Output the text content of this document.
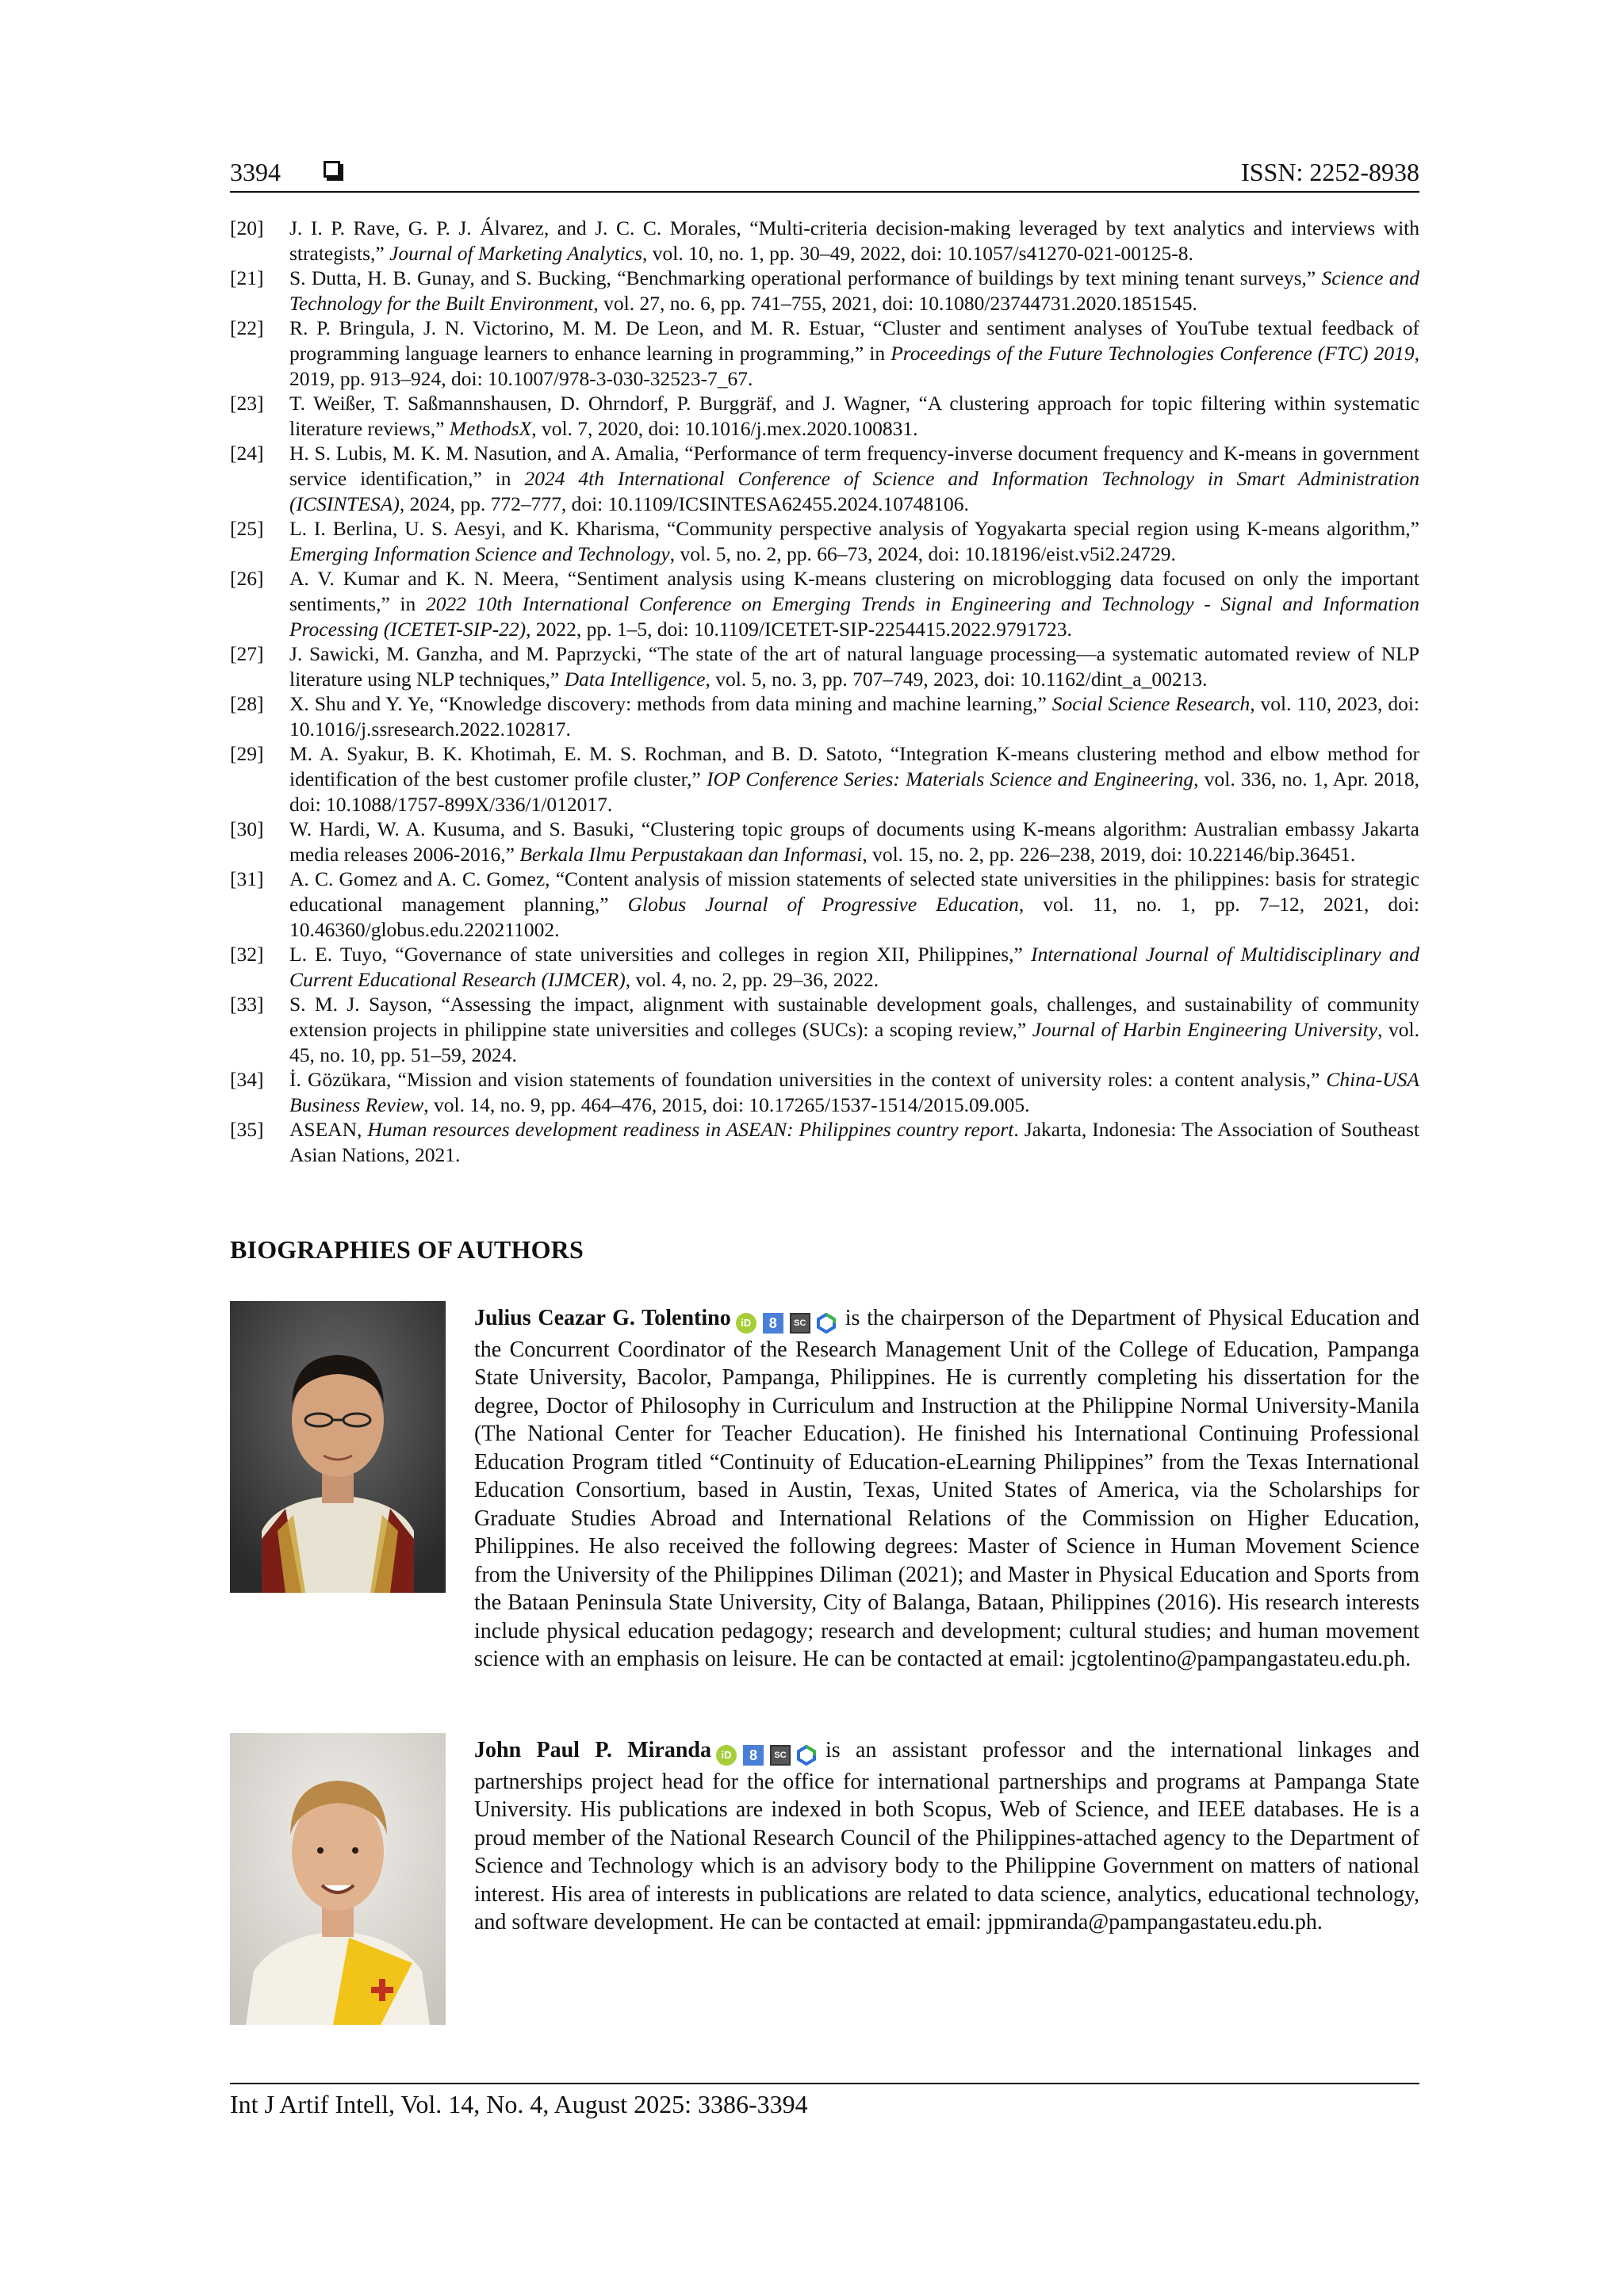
3394	ISSN: 2252-8938
[20] J. I. P. Rave, G. P. J. Álvarez, and J. C. C. Morales, “Multi-criteria decision-making leveraged by text analytics and interviews with strategists,” Journal of Marketing Analytics, vol. 10, no. 1, pp. 30–49, 2022, doi: 10.1057/s41270-021-00125-8.
[21] S. Dutta, H. B. Gunay, and S. Bucking, “Benchmarking operational performance of buildings by text mining tenant surveys,” Science and Technology for the Built Environment, vol. 27, no. 6, pp. 741–755, 2021, doi: 10.1080/23744731.2020.1851545.
[22] R. P. Bringula, J. N. Victorino, M. M. De Leon, and M. R. Estuar, “Cluster and sentiment analyses of YouTube textual feedback of programming language learners to enhance learning in programming,” in Proceedings of the Future Technologies Conference (FTC) 2019, 2019, pp. 913–924, doi: 10.1007/978-3-030-32523-7_67.
[23] T. Weißer, T. Saßmannshausen, D. Ohrndorf, P. Burggräf, and J. Wagner, “A clustering approach for topic filtering within systematic literature reviews,” MethodsX, vol. 7, 2020, doi: 10.1016/j.mex.2020.100831.
[24] H. S. Lubis, M. K. M. Nasution, and A. Amalia, “Performance of term frequency-inverse document frequency and K-means in government service identification,” in 2024 4th International Conference of Science and Information Technology in Smart Administration (ICSINTESA), 2024, pp. 772–777, doi: 10.1109/ICSINTESA62455.2024.10748106.
[25] L. I. Berlina, U. S. Aesyi, and K. Kharisma, “Community perspective analysis of Yogyakarta special region using K-means algorithm,” Emerging Information Science and Technology, vol. 5, no. 2, pp. 66–73, 2024, doi: 10.18196/eist.v5i2.24729.
[26] A. V. Kumar and K. N. Meera, “Sentiment analysis using K-means clustering on microblogging data focused on only the important sentiments,” in 2022 10th International Conference on Emerging Trends in Engineering and Technology - Signal and Information Processing (ICETET-SIP-22), 2022, pp. 1–5, doi: 10.1109/ICETET-SIP-2254415.2022.9791723.
[27] J. Sawicki, M. Ganzha, and M. Paprzycki, “The state of the art of natural language processing—a systematic automated review of NLP literature using NLP techniques,” Data Intelligence, vol. 5, no. 3, pp. 707–749, 2023, doi: 10.1162/dint_a_00213.
[28] X. Shu and Y. Ye, “Knowledge discovery: methods from data mining and machine learning,” Social Science Research, vol. 110, 2023, doi: 10.1016/j.ssresearch.2022.102817.
[29] M. A. Syakur, B. K. Khotimah, E. M. S. Rochman, and B. D. Satoto, “Integration K-means clustering method and elbow method for identification of the best customer profile cluster,” IOP Conference Series: Materials Science and Engineering, vol. 336, no. 1, Apr. 2018, doi: 10.1088/1757-899X/336/1/012017.
[30] W. Hardi, W. A. Kusuma, and S. Basuki, “Clustering topic groups of documents using K-means algorithm: Australian embassy Jakarta media releases 2006-2016,” Berkala Ilmu Perpustakaan dan Informasi, vol. 15, no. 2, pp. 226–238, 2019, doi: 10.22146/bip.36451.
[31] A. C. Gomez and A. C. Gomez, “Content analysis of mission statements of selected state universities in the philippines: basis for strategic educational management planning,” Globus Journal of Progressive Education, vol. 11, no. 1, pp. 7–12, 2021, doi: 10.46360/globus.edu.220211002.
[32] L. E. Tuyo, “Governance of state universities and colleges in region XII, Philippines,” International Journal of Multidisciplinary and Current Educational Research (IJMCER), vol. 4, no. 2, pp. 29–36, 2022.
[33] S. M. J. Sayson, “Assessing the impact, alignment with sustainable development goals, challenges, and sustainability of community extension projects in philippine state universities and colleges (SUCs): a scoping review,” Journal of Harbin Engineering University, vol. 45, no. 10, pp. 51–59, 2024.
[34] İ. Gözükara, “Mission and vision statements of foundation universities in the context of university roles: a content analysis,” China-USA Business Review, vol. 14, no. 9, pp. 464–476, 2015, doi: 10.17265/1537-1514/2015.09.005.
[35] ASEAN, Human resources development readiness in ASEAN: Philippines country report. Jakarta, Indonesia: The Association of Southeast Asian Nations, 2021.
BIOGRAPHIES OF AUTHORS
Julius Ceazar G. Tolentino iD 8 SC is the chairperson of the Department of Physical Education and the Concurrent Coordinator of the Research Management Unit of the College of Education, Pampanga State University, Bacolor, Pampanga, Philippines. He is currently completing his dissertation for the degree, Doctor of Philosophy in Curriculum and Instruction at the Philippine Normal University-Manila (The National Center for Teacher Education). He finished his International Continuing Professional Education Program titled “Continuity of Education-eLearning Philippines” from the Texas International Education Consortium, based in Austin, Texas, United States of America, via the Scholarships for Graduate Studies Abroad and International Relations of the Commission on Higher Education, Philippines. He also received the following degrees: Master of Science in Human Movement Science from the University of the Philippines Diliman (2021); and Master in Physical Education and Sports from the Bataan Peninsula State University, City of Balanga, Bataan, Philippines (2016). His research interests include physical education pedagogy; research and development; cultural studies; and human movement science with an emphasis on leisure. He can be contacted at email: jcgtolentino@pampangastateu.edu.ph.
John Paul P. Miranda iD 8 SC is an assistant professor and the international linkages and partnerships project head for the office for international partnerships and programs at Pampanga State University. His publications are indexed in both Scopus, Web of Science, and IEEE databases. He is a proud member of the National Research Council of the Philippines-attached agency to the Department of Science and Technology which is an advisory body to the Philippine Government on matters of national interest. His area of interests in publications are related to data science, analytics, educational technology, and software development. He can be contacted at email: jppmiranda@pampangastateu.edu.ph.
Int J Artif Intell, Vol. 14, No. 4, August 2025: 3386-3394
